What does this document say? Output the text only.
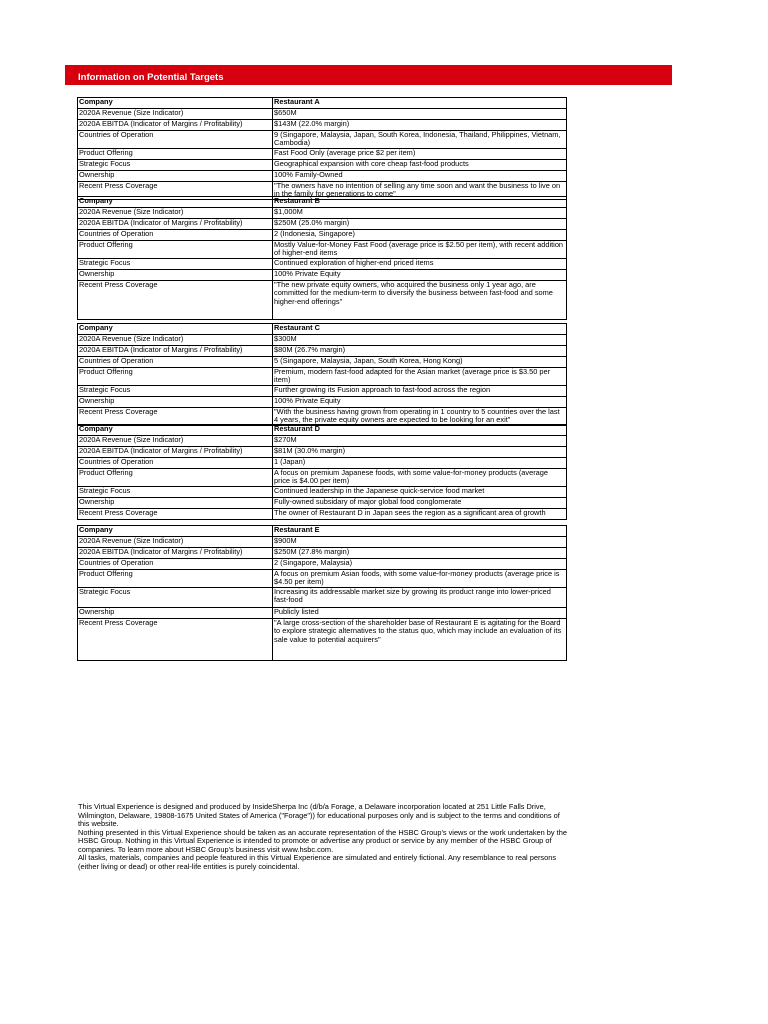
Information on Potential Targets
Company	Restaurant A
2020A Revenue (Size Indicator)	$650M
2020A EBITDA (Indicator of Margins / Profitability)	$143M (22.0% margin)
Countries of Operation	9 (Singapore, Malaysia, Japan, South Korea, Indonesia, Thailand, Philippines, Vietnam, Cambodia)
Product Offering	Fast Food Only (average price $2 per item)
Strategic Focus	Geographical expansion with core cheap fast-food products
Ownership	100% Family-Owned
Recent Press Coverage	"The owners have no intention of selling any time soon and want the business to live on in the family for generations to come"
Company	Restaurant B
2020A Revenue (Size Indicator)	$1,000M
2020A EBITDA (Indicator of Margins / Profitability)	$250M (25.0% margin)
Countries of Operation	2 (Indonesia, Singapore)
Product Offering	Mostly Value-for-Money Fast Food (average price is $2.50 per item), with recent addition of higher-end items
Strategic Focus	Continued exploration of higher-end priced items
Ownership	100% Private Equity
Recent Press Coverage	"The new private equity owners, who acquired the business only 1 year ago, are committed for the medium-term to diversify the business between fast-food and some higher-end offerings"
Company	Restaurant C
2020A Revenue (Size Indicator)	$300M
2020A EBITDA (Indicator of Margins / Profitability)	$80M (26.7% margin)
Countries of Operation	5 (Singapore, Malaysia, Japan, South Korea, Hong Kong)
Product Offering	Premium, modern fast-food adapted for the Asian market (average price is $3.50 per item)
Strategic Focus	Further growing its Fusion approach to fast-food across the region
Ownership	100% Private Equity
Recent Press Coverage	"With the business having grown from operating in 1 country to 5 countries over the last 4 years, the private equity owners are expected to be looking for an exit"
Company	Restaurant D
2020A Revenue (Size Indicator)	$270M
2020A EBITDA (Indicator of Margins / Profitability)	$81M (30.0% margin)
Countries of Operation	1 (Japan)
Product Offering	A focus on premium Japanese foods, with some value-for-money products (average price is $4.00 per item)
Strategic Focus	Continued leadership in the Japanese quick-service food market
Ownership	Fully-owned subsidary of major global food conglomerate
Recent Press Coverage	The owner of Restaurant D in Japan sees the region as a significant area of growth
Company	Restaurant E
2020A Revenue (Size Indicator)	$900M
2020A EBITDA (Indicator of Margins / Profitability)	$250M (27.8% margin)
Countries of Operation	2 (Singapore, Malaysia)
Product Offering	A focus on premium Asian foods, with some value-for-money products (average price is $4.50 per item)
Strategic Focus	Increasing its addressable market size by growing its product range into lower-priced fast-food
Ownership	Publicly listed
Recent Press Coverage	"A large cross-section of the shareholder base of Restaurant E is agitating for the Board to explore strategic alternatives to the status quo, which may include an evaluation of its sale value to potential acquirers"

This Virtual Experience is designed and produced by InsideSherpa Inc (d/b/a Forage, a Delaware incorporation located at 251 Little Falls Drive, Wilmington, Delaware, 19808-1675 United States of America ("Forage")) for educational purposes only and is subject to the terms and conditions of this website.

Nothing presented in this Virtual Experience should be taken as an accurate representation of the HSBC Group's views or the work undertaken by the HSBC Group. Nothing in this Virtual Experience is intended to promote or advertise any product or service by any member of the HSBC Group of companies. To learn more about HSBC Group's business visit www.hsbc.com.

All tasks, materials, companies and people featured in this Virtual Experience are simulated and entirely fictional. Any resemblance to real persons (either living or dead) or other real-life entities is purely coincidental.
